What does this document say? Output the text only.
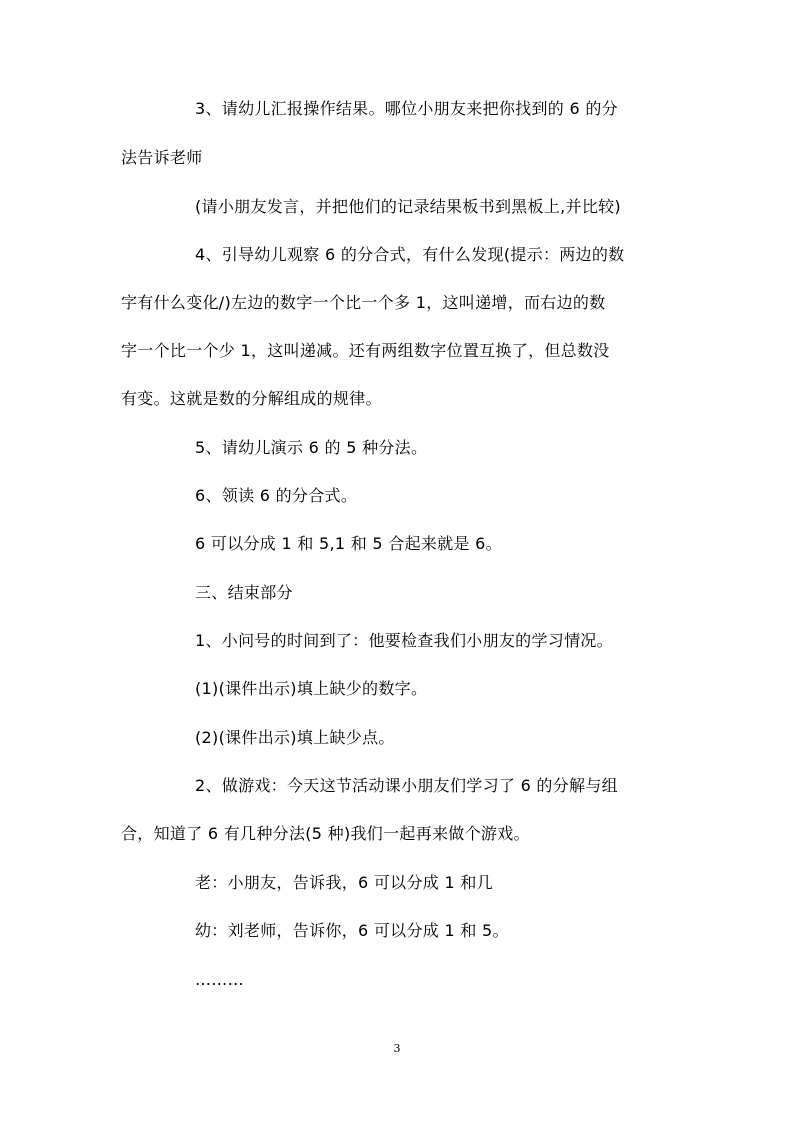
3、请幼儿汇报操作结果。哪位小朋友来把你找到的 6 的分
法告诉老师
(请小朋友发言，并把他们的记录结果板书到黑板上,并比较)
4、引导幼儿观察 6 的分合式，有什么发现(提示：两边的数
字有什么变化/)左边的数字一个比一个多 1，这叫递增，而右边的数
字一个比一个少 1，这叫递减。还有两组数字位置互换了，但总数没
有变。这就是数的分解组成的规律。
5、请幼儿演示 6 的 5 种分法。
6、领读 6 的分合式。
6 可以分成 1 和 5,1 和 5 合起来就是 6。
三、结束部分
1、小问号的时间到了：他要检查我们小朋友的学习情况。
(1)(课件出示)填上缺少的数字。
(2)(课件出示)填上缺少点。
2、做游戏：今天这节活动课小朋友们学习了 6 的分解与组
合，知道了 6 有几种分法(5 种)我们一起再来做个游戏。
老：小朋友，告诉我，6 可以分成 1 和几
幼：刘老师，告诉你，6 可以分成 1 和 5。
………
3
